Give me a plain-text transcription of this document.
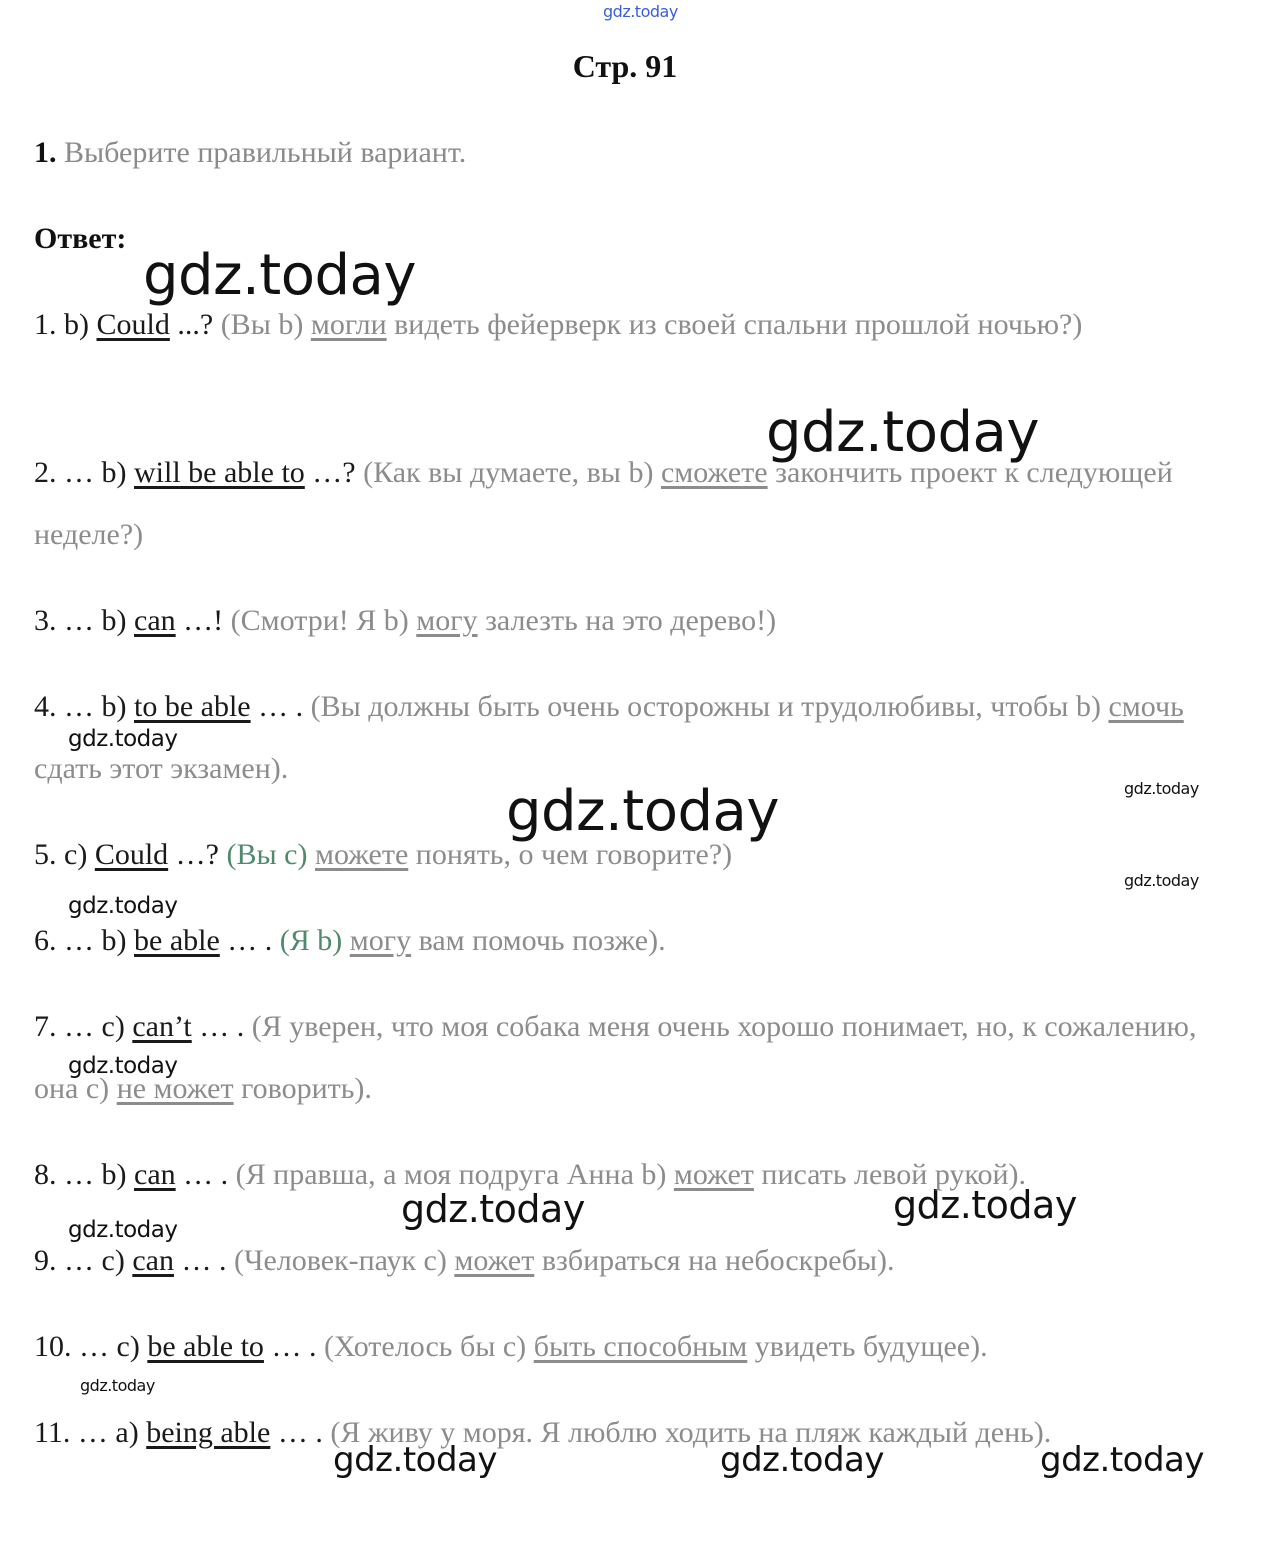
gdz.today
gdz.today
gdz.today
gdz.today
gdz.today
gdz.today
gdz.today
gdz.today
gdz.today
gdz.today	gdz.today
gdz.today
gdz.today
gdz.today	gdz.today	gdz.today
Стр. 91
1. Выберите правильный вариант.
Ответ:
1. b) Could ...? (Вы b) могли видеть фейерверк из своей спальни прошлой ночью?)
2. … b) will be able to …? (Как вы думаете, вы b) сможете закончить проект к следующей неделе?)
3. … b) can …! (Смотри! Я b) могу залезть на это дерево!)
4. … b) to be able … . (Вы должны быть очень осторожны и трудолюбивы, чтобы b) смочь сдать этот экзамен).
5. c) Could …? (Вы с) можете понять, о чем говорите?)
6. … b) be able … . (Я b) могу вам помочь позже).
7. … c) can’t … . (Я уверен, что моя собака меня очень хорошо понимает, но, к сожалению, она с) не может говорить).
8. … b) can … . (Я правша, а моя подруга Анна b) может писать левой рукой).
9. … c) can … . (Человек-паук с) может взбираться на небоскребы).
10. … c) be able to … . (Хотелось бы с) быть способным увидеть будущее).
11. … a) being able … . (Я живу у моря. Я люблю ходить на пляж каждый день).
